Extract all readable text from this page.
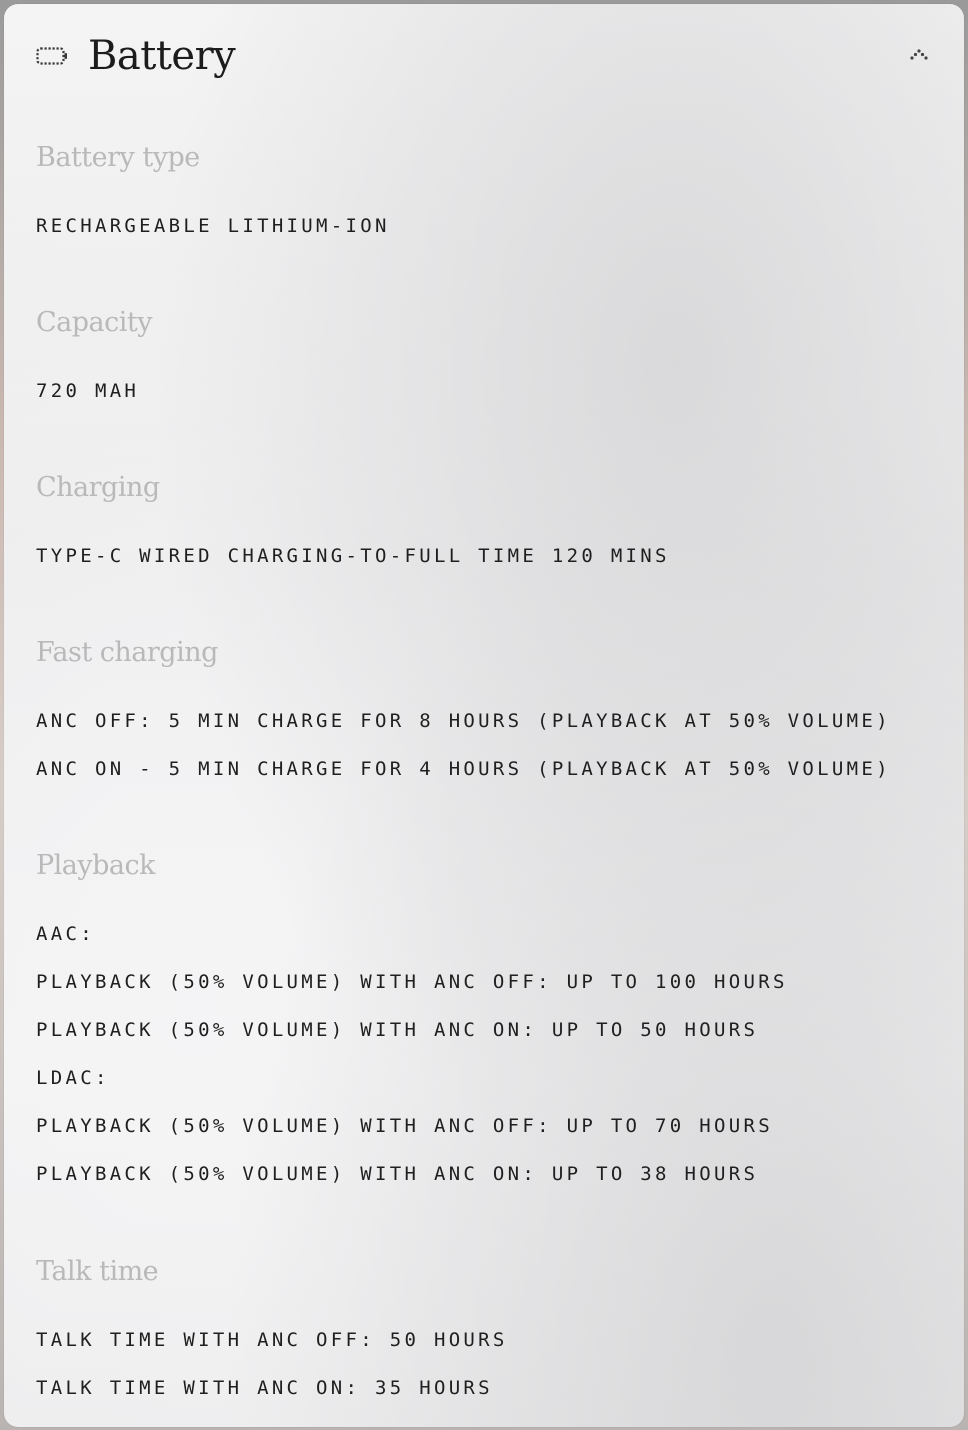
Battery
Battery type
RECHARGEABLE LITHIUM-ION
Capacity
720 MAH
Charging
TYPE-C WIRED CHARGING-TO-FULL TIME 120 MINS
Fast charging
ANC OFF: 5 MIN CHARGE FOR 8 HOURS (PLAYBACK AT 50% VOLUME)
ANC ON - 5 MIN CHARGE FOR 4 HOURS (PLAYBACK AT 50% VOLUME)
Playback
AAC:
PLAYBACK (50% VOLUME) WITH ANC OFF: UP TO 100 HOURS
PLAYBACK (50% VOLUME) WITH ANC ON: UP TO 50 HOURS
LDAC:
PLAYBACK (50% VOLUME) WITH ANC OFF: UP TO 70 HOURS
PLAYBACK (50% VOLUME) WITH ANC ON: UP TO 38 HOURS
Talk time
TALK TIME WITH ANC OFF: 50 HOURS
TALK TIME WITH ANC ON: 35 HOURS
